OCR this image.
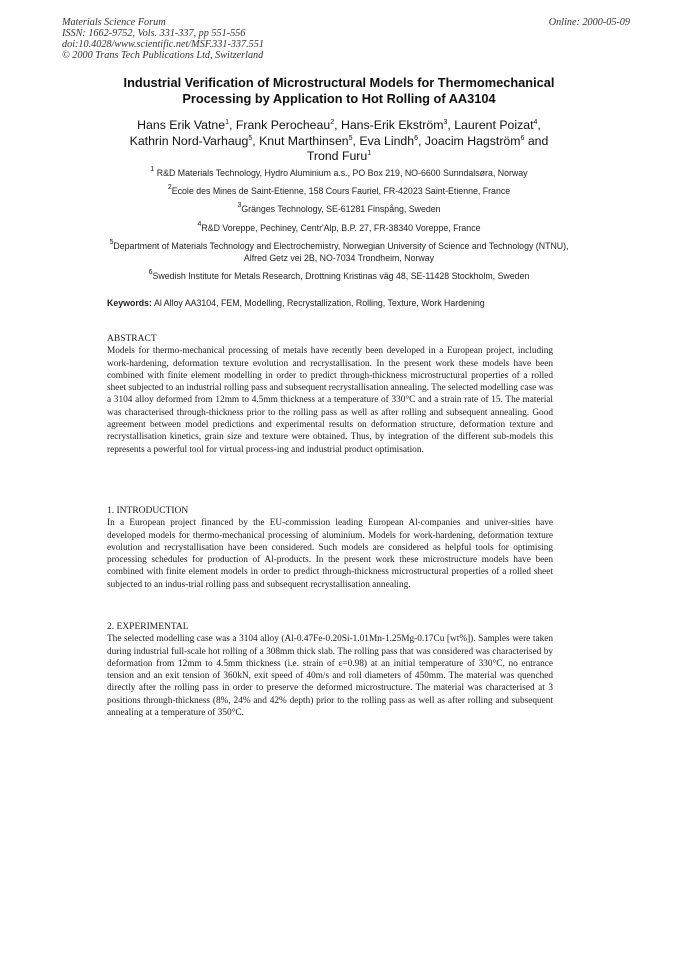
Materials Science Forum
ISSN: 1662-9752, Vols. 331-337, pp 551-556
doi:10.4028/www.scientific.net/MSF.331-337.551
© 2000 Trans Tech Publications Ltd, Switzerland
Online: 2000-05-09
Industrial Verification of Microstructural Models for Thermomechanical
Processing by Application to Hot Rolling of AA3104
Hans Erik Vatne$^1$, Frank Perocheau$^2$, Hans-Erik Ekström$^3$, Laurent Poizat$^4$,
Kathrin Nord-Varhaug$^5$, Knut Marthinsen$^5$, Eva Lindh$^6$, Joacim Hagström$^6$ and
Trond Furu$^1$
$^1$ R&D Materials Technology, Hydro Aluminium a.s., PO Box 219, NO-6600 Sunndalsøra, Norway
$^2$Ecole des Mines de Saint-Etienne, 158 Cours Fauriel, FR-42023 Saint-Etienne, France
$^3$Gränges Technology, SE-61281 Finspång, Sweden
$^4$R&D Voreppe, Pechiney, Centr'Alp, B.P. 27, FR-38340 Voreppe, France
$^5$Department of Materials Technology and Electrochemistry, Norwegian University of Science and Technology (NTNU), Alfred Getz vei 2B, NO-7034 Trondheim, Norway
$^6$Swedish Institute for Metals Research, Drottning Kristinas väg 48, SE-11428 Stockholm, Sweden
Keywords: Al Alloy AA3104, FEM, Modelling, Recrystallization, Rolling, Texture, Work Hardening
ABSTRACT

Models for thermo-mechanical processing of metals have recently been developed in a European project, including work-hardening, deformation texture evolution and recrystallisation. In the present work these models have been combined with finite element modelling in order to predict through-thickness microstructural properties of a rolled sheet subjected to an industrial rolling pass and subsequent recrystallisation annealing. The selected modelling case was a 3104 alloy deformed from 12mm to 4.5mm thickness at a temperature of 330°C and a strain rate of 15. The material was characterised through-thickness prior to the rolling pass as well as after rolling and subsequent annealing. Good agreement between model predictions and experimental results on deformation structure, deformation texture and recrystallisation kinetics, grain size and texture were obtained. Thus, by integration of the different sub-models this represents a powerful tool for virtual process-ing and industrial product optimisation.

1. INTRODUCTION

In a European project financed by the EU-commission leading European Al-companies and univer-sities have developed models for thermo-mechanical processing of aluminium. Models for work-hardening, deformation texture evolution and recrystallisation have been considered. Such models are considered as helpful tools for optimising processing schedules for production of Al-products. In the present work these microstructure models have been combined with finite element models in order to predict through-thickness microstructural properties of a rolled sheet subjected to an indus-trial rolling pass and subsequent recrystallisation annealing.

2. EXPERIMENTAL

The selected modelling case was a 3104 alloy (Al-0.47Fe-0.20Si-1.01Mn-1.25Mg-0.17Cu [wt%]). Samples were taken during industrial full-scale hot rolling of a 308mm thick slab. The rolling pass that was considered was characterised by deformation from 12mm to 4.5mm thickness (i.e. strain of ε=0.98) at an initial temperature of 330°C, no entrance tension and an exit tension of 360kN, exit speed of 40m/s and roll diameters of 450mm. The material was quenched directly after the rolling pass in order to preserve the deformed microstructure. The material was characterised at 3 positions through-thickness (8%, 24% and 42% depth) prior to the rolling pass as well as after rolling and subsequent annealing at a temperature of 350°C.
